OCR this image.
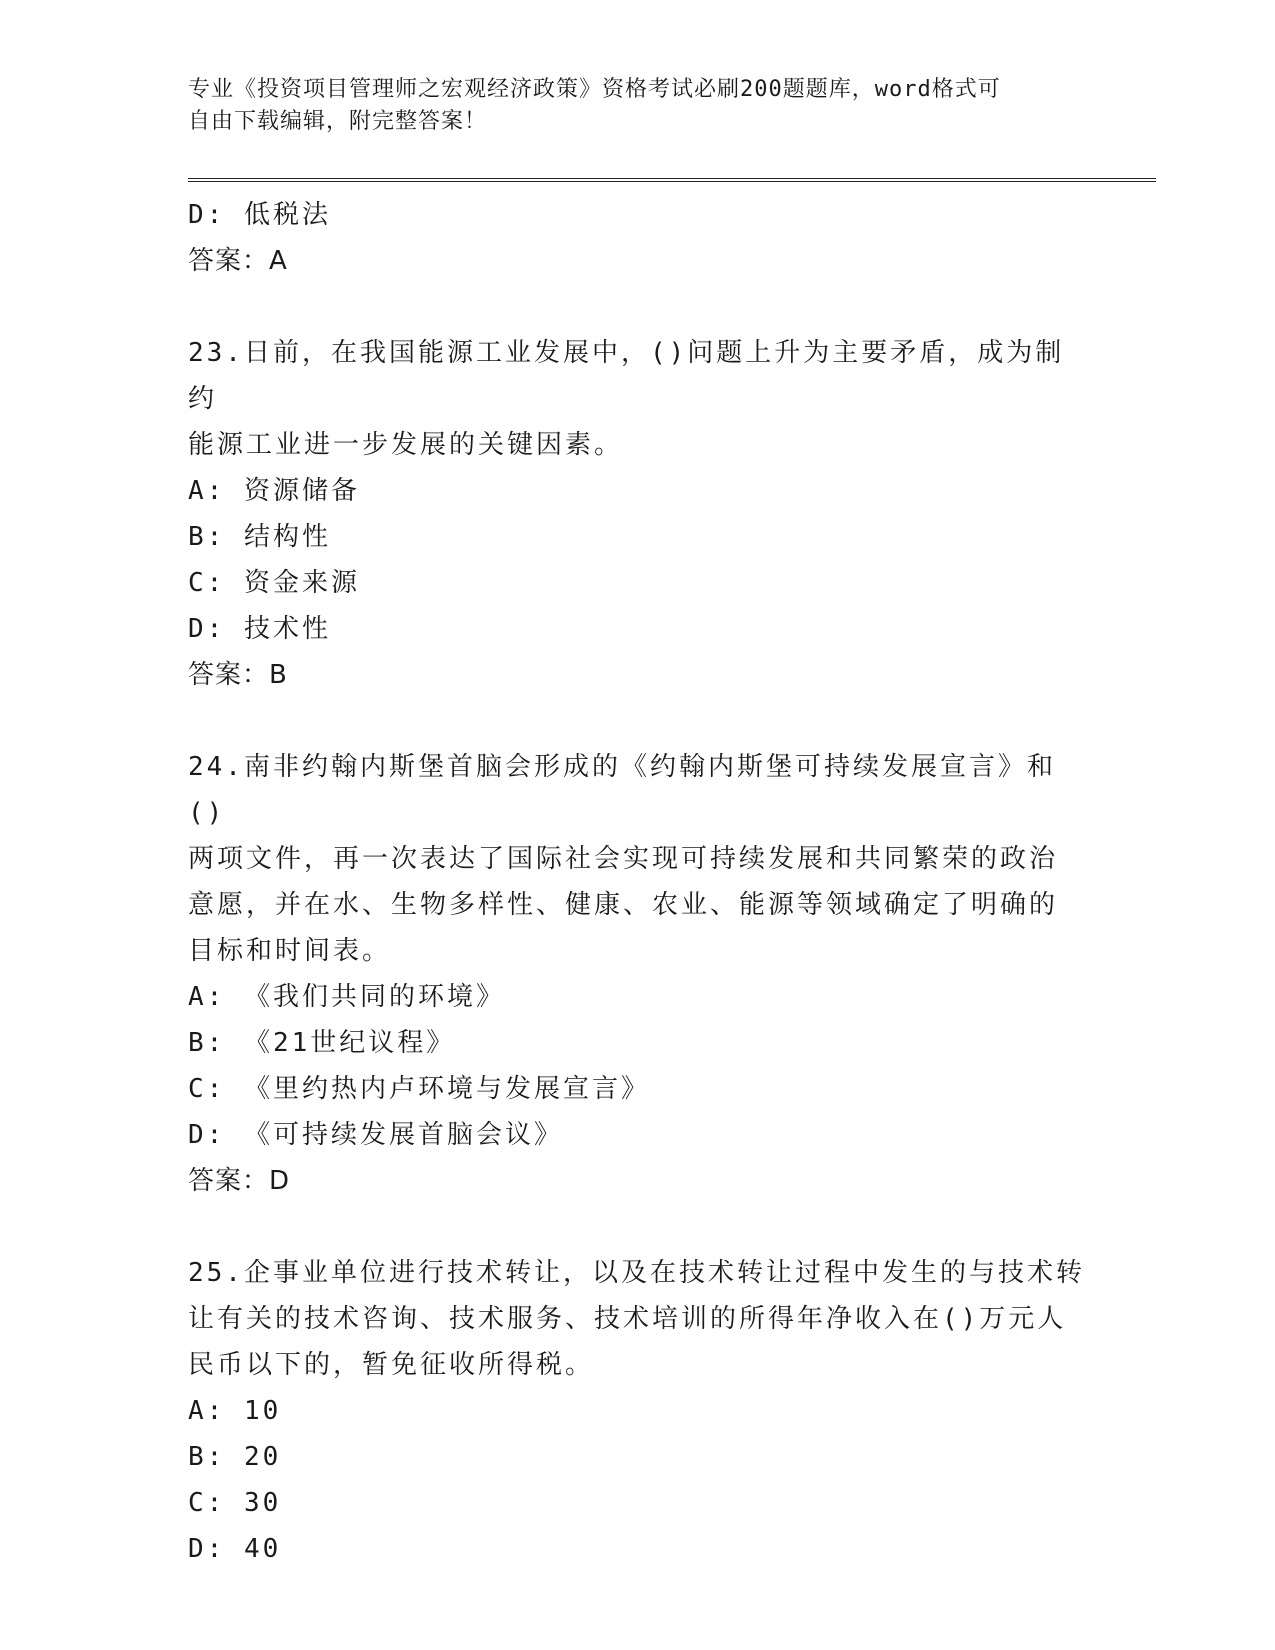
专业《投资项目管理师之宏观经济政策》资格考试必刷200题题库，word格式可
自由下载编辑，附完整答案！
D: 低税法
答案：A
23.日前，在我国能源工业发展中，()问题上升为主要矛盾，成为制约
能源工业进一步发展的关键因素。
A: 资源储备
B: 结构性
C: 资金来源
D: 技术性
答案：B
24.南非约翰内斯堡首脑会形成的《约翰内斯堡可持续发展宣言》和()
两项文件，再一次表达了国际社会实现可持续发展和共同繁荣的政治
意愿，并在水、生物多样性、健康、农业、能源等领域确定了明确的
目标和时间表。
A: 《我们共同的环境》
B: 《21世纪议程》
C: 《里约热内卢环境与发展宣言》
D: 《可持续发展首脑会议》
答案：D
25.企事业单位进行技术转让，以及在技术转让过程中发生的与技术转
让有关的技术咨询、技术服务、技术培训的所得年净收入在()万元人
民币以下的，暂免征收所得税。
A: 10
B: 20
C: 30
D: 40
